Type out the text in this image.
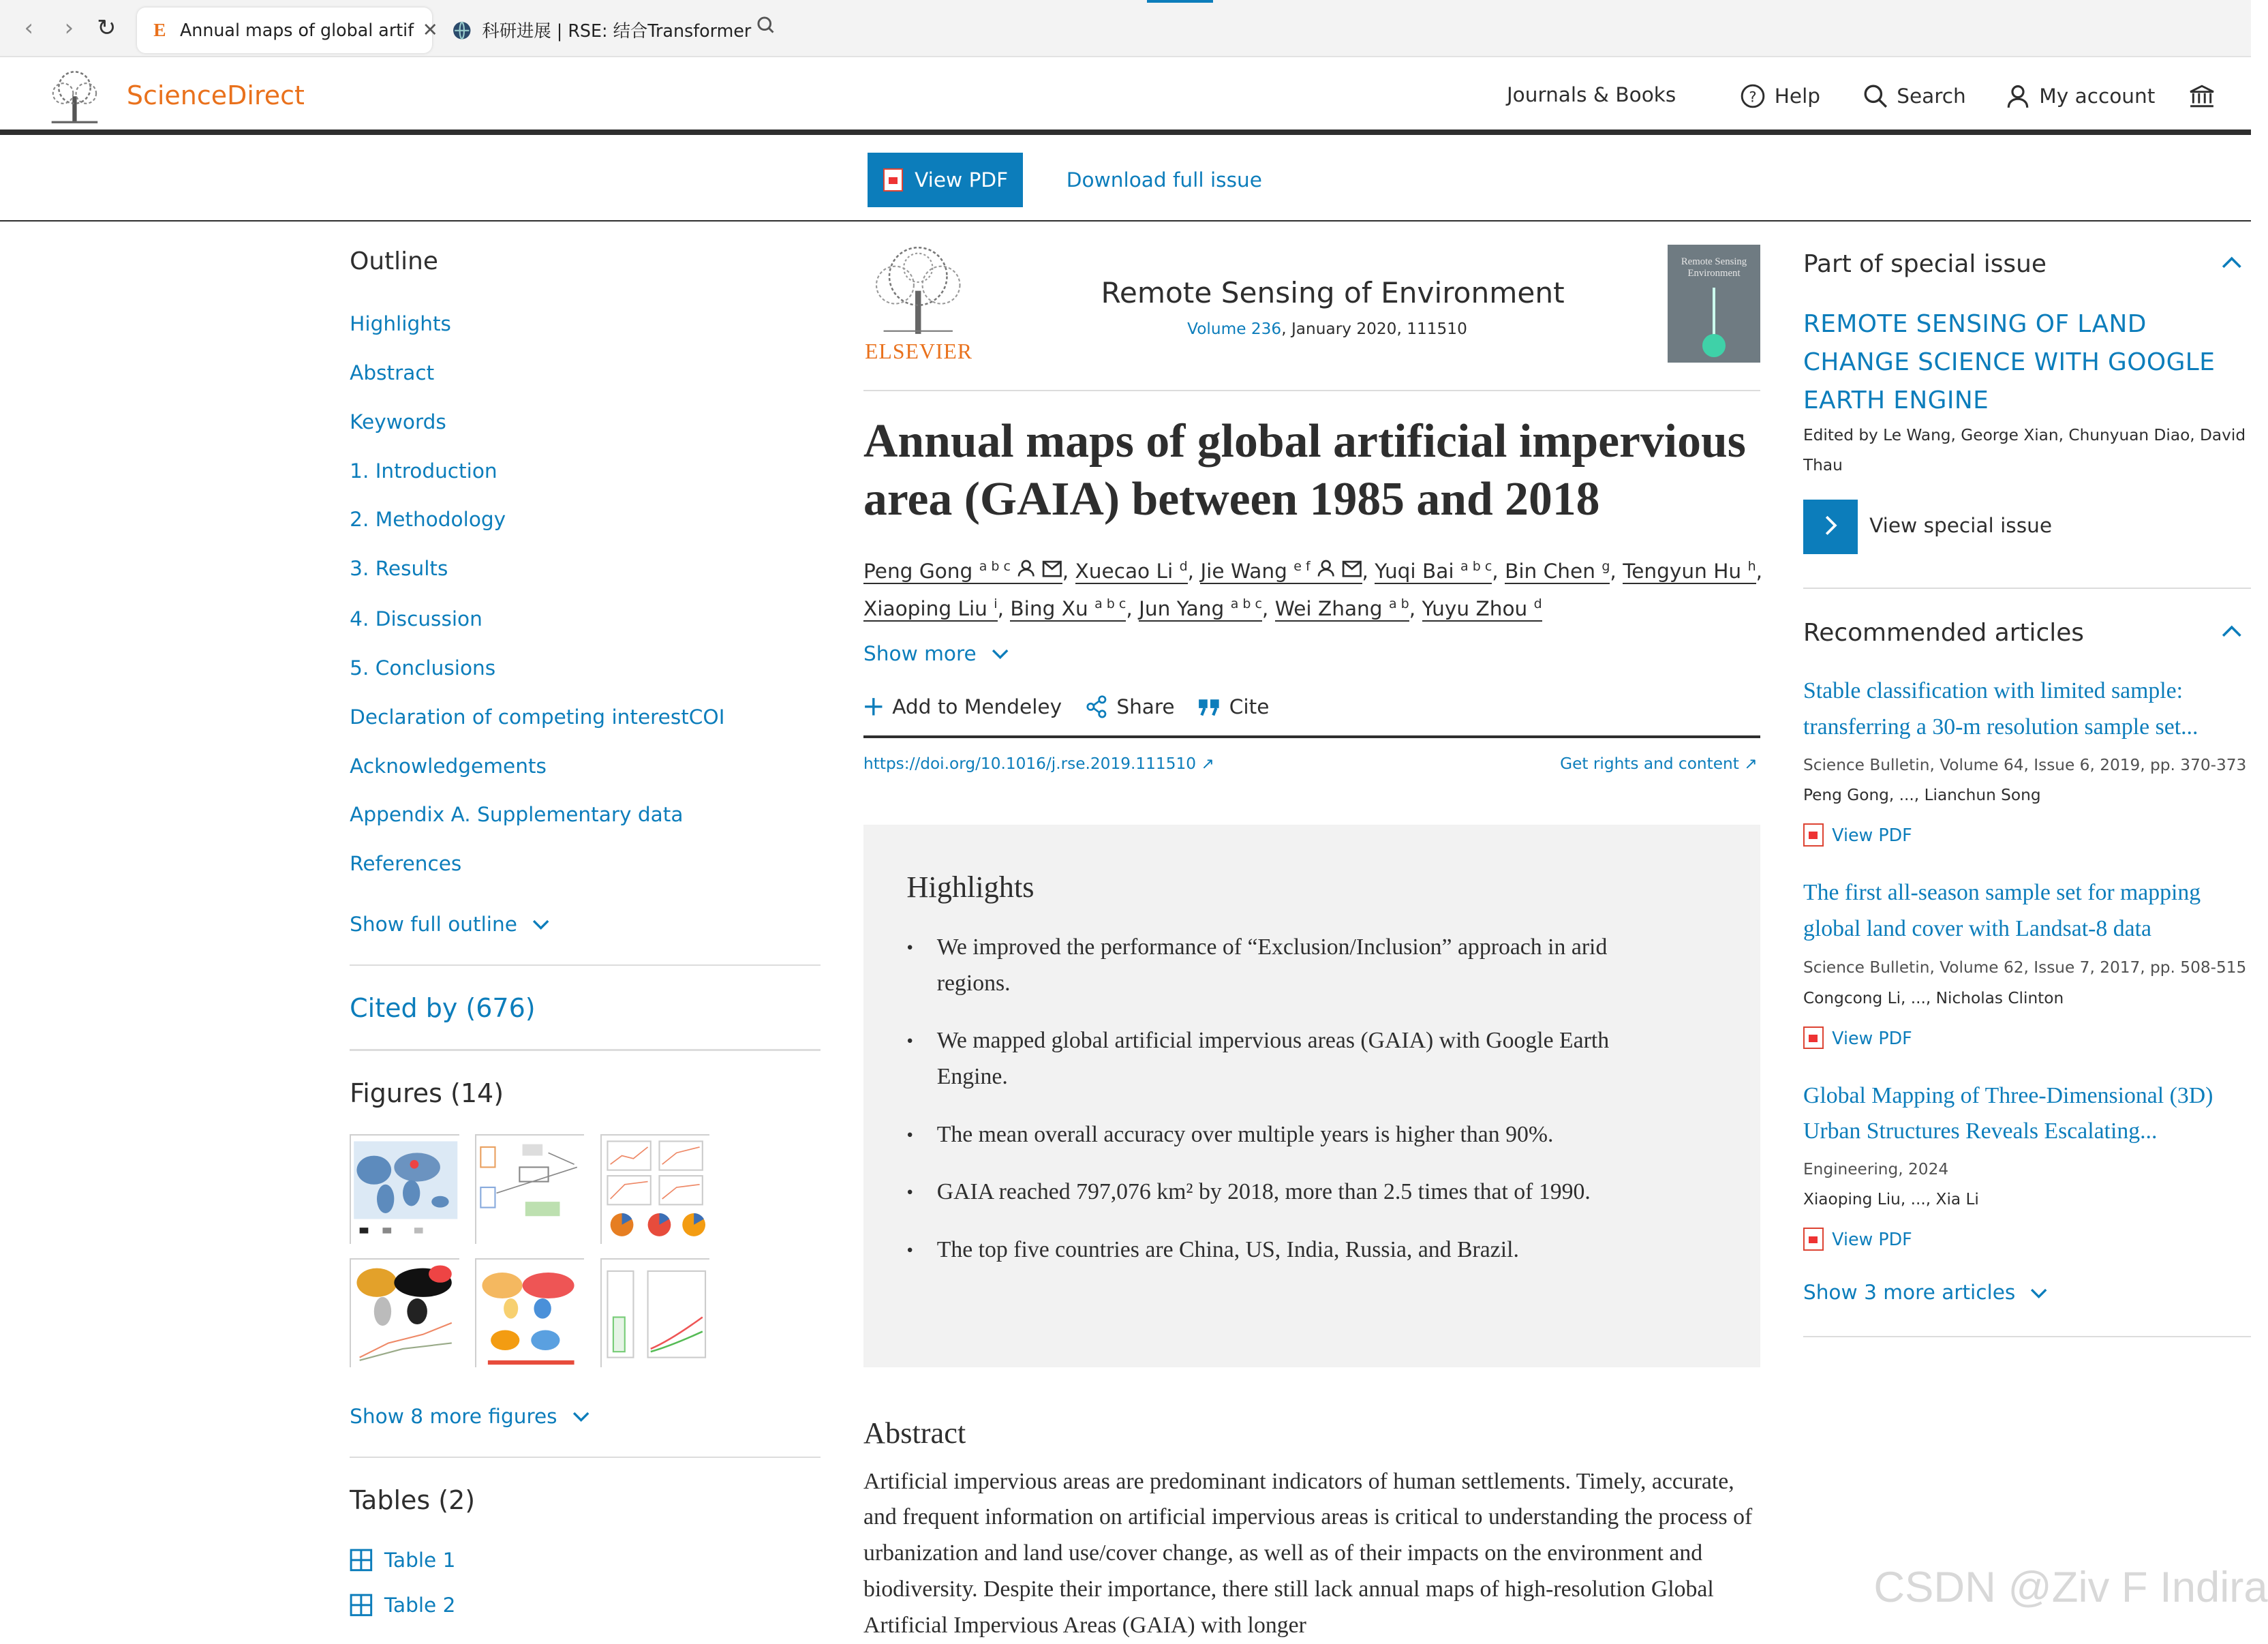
‹	›	↻	E	Annual maps of global artif ✕	科研进展 | RSE: 结合Transformer
ScienceDirect	Journals & Books	? Help	Search	My account
View PDF	Download full issue
Outline
Highlights
Abstract
Keywords
1. Introduction
2. Methodology
3. Results
4. Discussion
5. Conclusions
Declaration of competing interestCOI
Acknowledgements
Appendix A. Supplementary data
References
Show full outline
Cited by (676)
Figures (14)
Show 8 more figures
Tables (2)
Table 1
Table 2
ELSEVIER
Remote Sensing of Environment
Volume 236, January 2020, 111510
Remote Sensing Environment
Annual maps of global artificial impervious area (GAIA) between 1985 and 2018
Peng Gong $^{a b c}$	, Xuecao Li $^d$, Jie Wang $^{e f}$	, Yuqi Bai $^{a b c}$, Bin Chen $^g$, Tengyun Hu $^h$,
Xiaoping Liu $^i$, Bing Xu $^{a b c}$, Jun Yang $^{a b c}$, Wei Zhang $^{a b}$, Yuyu Zhou $^d$
Show more
Add to Mendeley	Share	Cite
https://doi.org/10.1016/j.rse.2019.111510 ↗	Get rights and content ↗
Highlights
• We improved the performance of “Exclusion/Inclusion” approach in arid regions.
• We mapped global artificial impervious areas (GAIA) with Google Earth Engine.
• The mean overall accuracy over multiple years is higher than 90%.
• GAIA reached 797,076 km² by 2018, more than 2.5 times that of 1990.
• The top five countries are China, US, India, Russia, and Brazil.
Abstract

Artificial impervious areas are predominant indicators of human settlements. Timely, accurate, and frequent information on artificial impervious areas is critical to understanding the process of urbanization and land use/cover change, as well as of their impacts on the environment and biodiversity. Despite their importance, there still lack annual maps of high-resolution Global Artificial Impervious Areas (GAIA) with longer

Part of special issue
REMOTE SENSING OF LAND CHANGE SCIENCE WITH GOOGLE EARTH ENGINE
Edited by Le Wang, George Xian, Chunyuan Diao, David Thau
View special issue
Recommended articles
Stable classification with limited sample: transferring a 30-m resolution sample set...
Science Bulletin, Volume 64, Issue 6, 2019, pp. 370-373
Peng Gong, ..., Lianchun Song
View PDF
The first all-season sample set for mapping global land cover with Landsat-8 data
Science Bulletin, Volume 62, Issue 7, 2017, pp. 508-515
Congcong Li, ..., Nicholas Clinton
View PDF
Global Mapping of Three-Dimensional (3D) Urban Structures Reveals Escalating...
Engineering, 2024
Xiaoping Liu, ..., Xia Li
View PDF
Show 3 more articles
CSDN @Ziv F Indira
